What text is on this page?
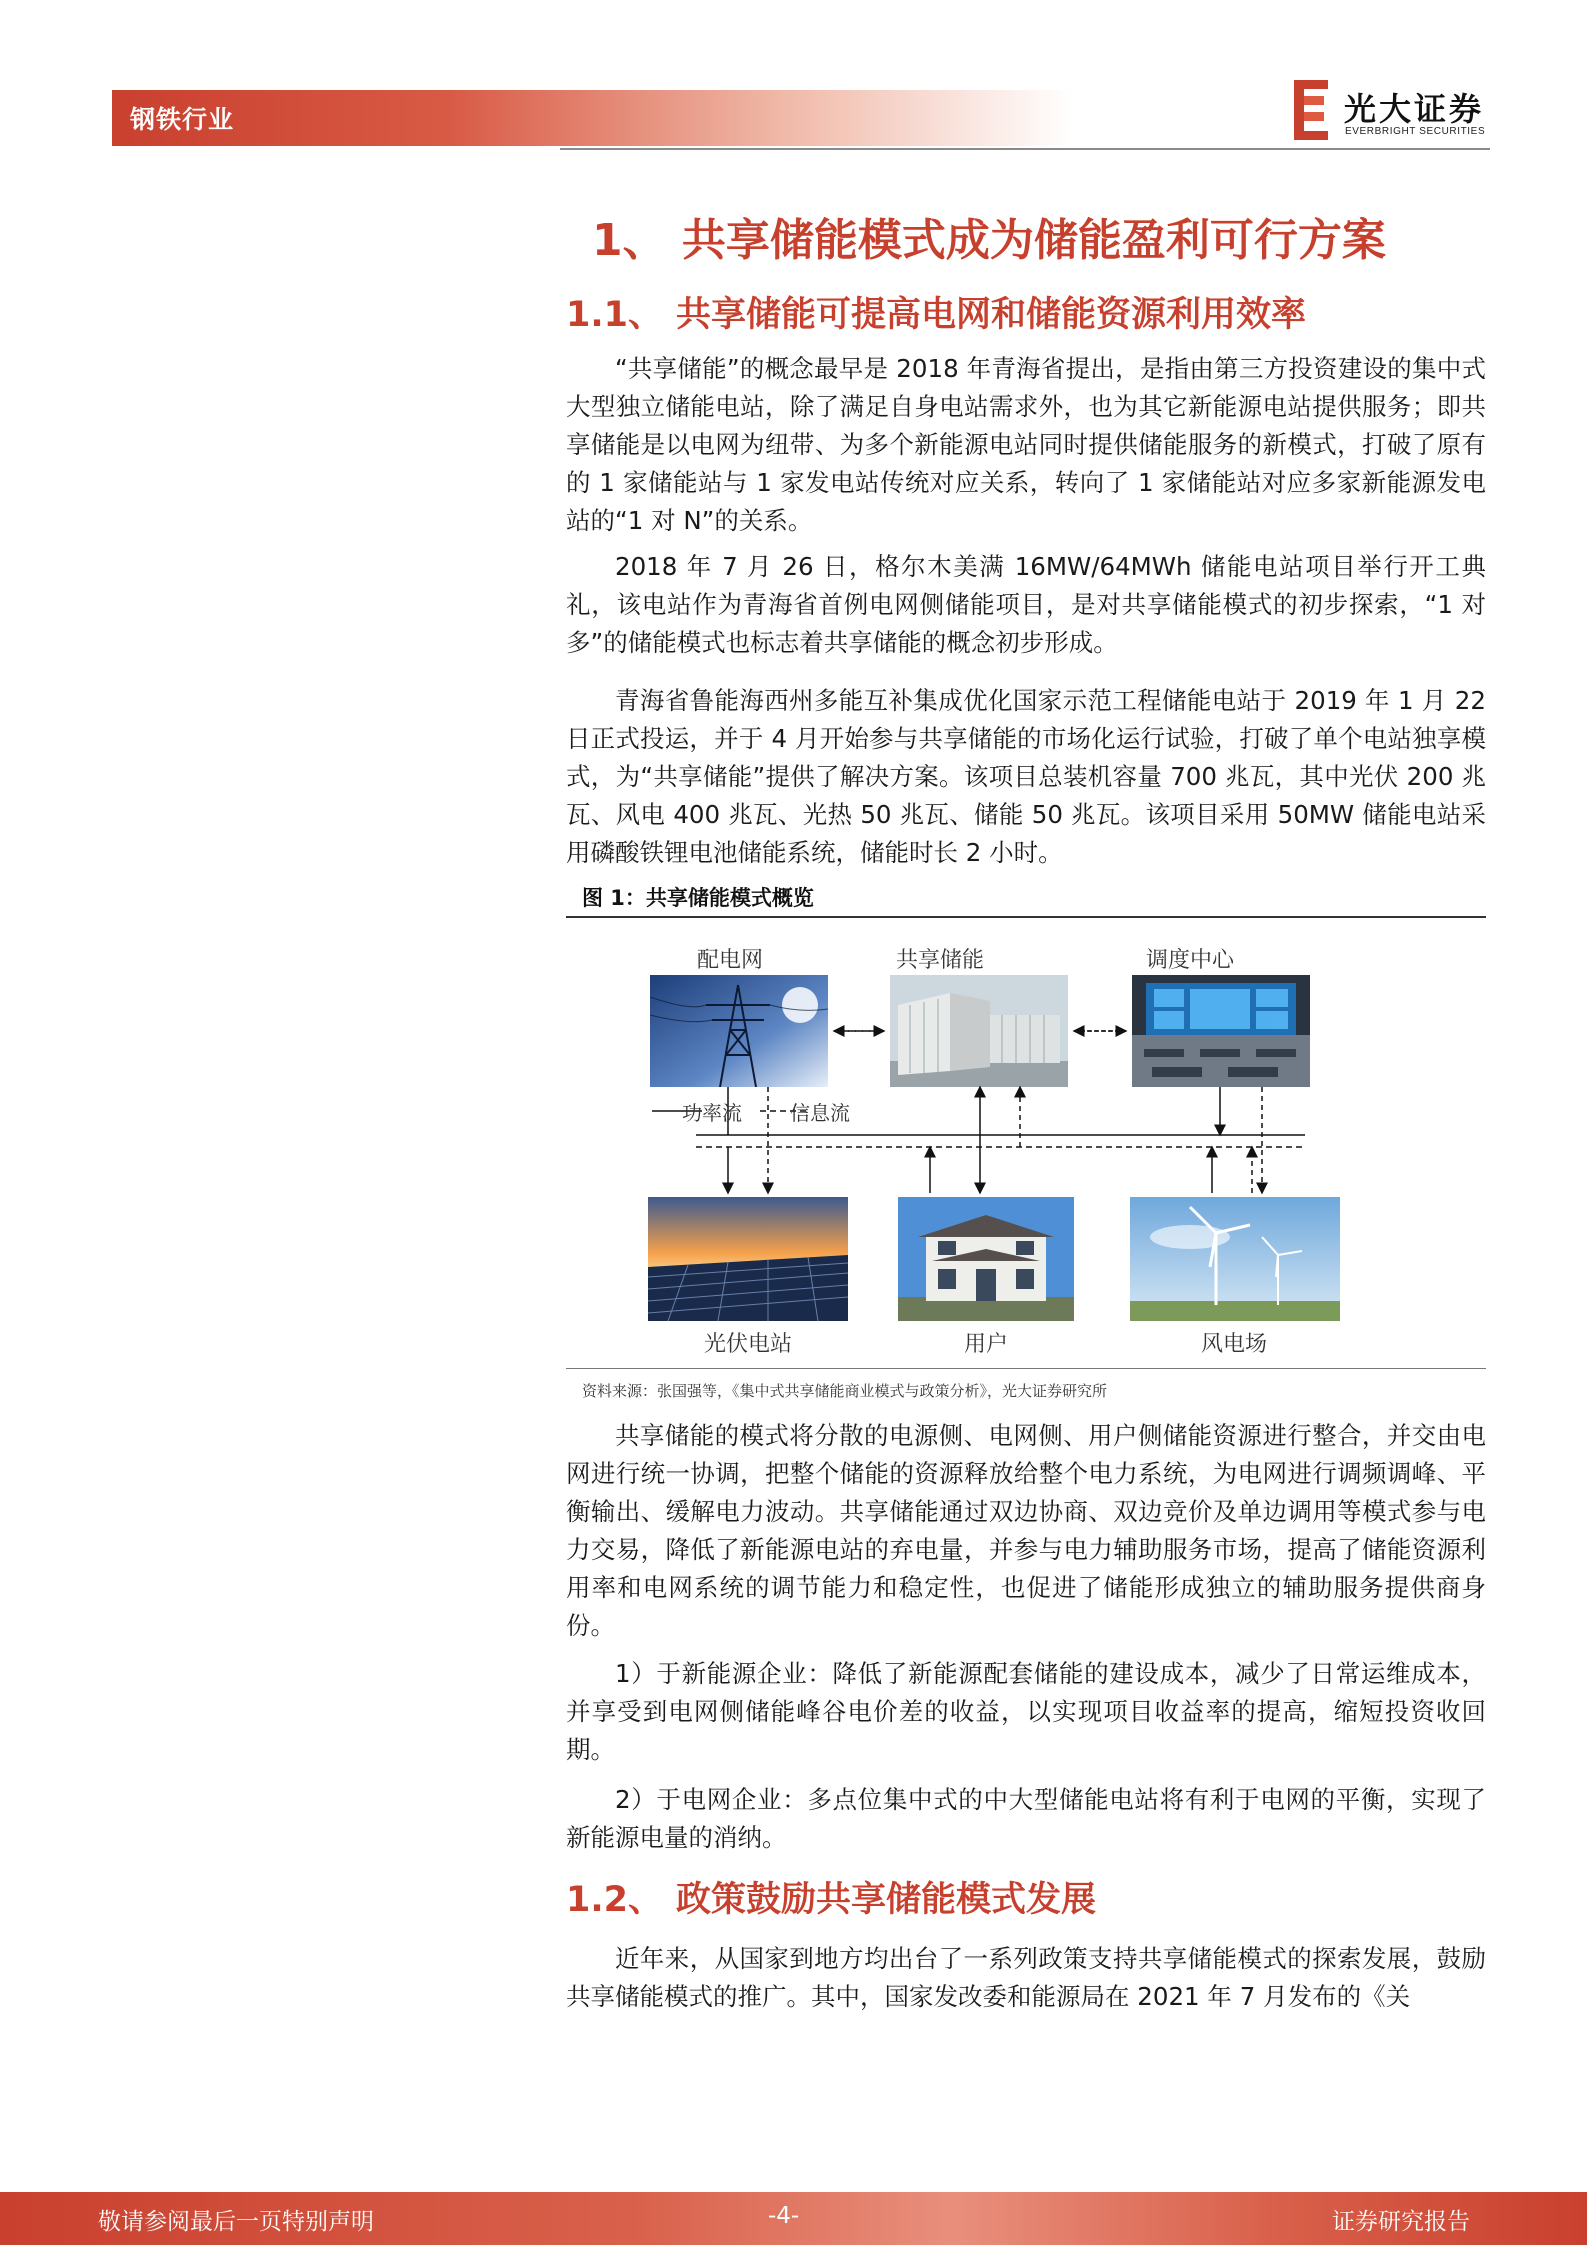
钢铁行业	光大证券
EVERBRIGHT SECURITIES
1、 共享储能模式成为储能盈利可行方案
1.1、 共享储能可提高电网和储能资源利用效率

“共享储能”的概念最早是 2018 年青海省提出，是指由第三方投资建设的集中式大型独立储能电站，除了满足自身电站需求外，也为其它新能源电站提供服务；即共享储能是以电网为纽带、为多个新能源电站同时提供储能服务的新模式，打破了原有的 1 家储能站与 1 家发电站传统对应关系，转向了 1 家储能站对应多家新能源发电站的“1 对 N”的关系。

2018 年 7 月 26 日，格尔木美满 16MW/64MWh 储能电站项目举行开工典礼，该电站作为青海省首例电网侧储能项目，是对共享储能模式的初步探索，“1 对多”的储能模式也标志着共享储能的概念初步形成。

青海省鲁能海西州多能互补集成优化国家示范工程储能电站于 2019 年 1 月 22 日正式投运，并于 4 月开始参与共享储能的市场化运行试验，打破了单个电站独享模式，为“共享储能”提供了解决方案。该项目总装机容量 700 兆瓦，其中光伏 200 兆瓦、风电 400 兆瓦、光热 50 兆瓦、储能 50 兆瓦。该项目采用 50MW 储能电站采用磷酸铁锂电池储能系统，储能时长 2 小时。

图 1：共享储能模式概览
配电网	共享储能	调度中心
功率流	信息流
光伏电站	用户	风电场
资料来源：张国强等，《集中式共享储能商业模式与政策分析》，光大证券研究所

共享储能的模式将分散的电源侧、电网侧、用户侧储能资源进行整合，并交由电网进行统一协调，把整个储能的资源释放给整个电力系统，为电网进行调频调峰、平衡输出、缓解电力波动。共享储能通过双边协商、双边竞价及单边调用等模式参与电力交易，降低了新能源电站的弃电量，并参与电力辅助服务市场，提高了储能资源利用率和电网系统的调节能力和稳定性，也促进了储能形成独立的辅助服务提供商身份。

1）于新能源企业：降低了新能源配套储能的建设成本，减少了日常运维成本，并享受到电网侧储能峰谷电价差的收益，以实现项目收益率的提高，缩短投资收回期。

2）于电网企业：多点位集中式的中大型储能电站将有利于电网的平衡，实现了新能源电量的消纳。

1.2、 政策鼓励共享储能模式发展

近年来，从国家到地方均出台了一系列政策支持共享储能模式的探索发展，鼓励共享储能模式的推广。其中，国家发改委和能源局在 2021 年 7 月发布的《关

敬请参阅最后一页特别声明	-4-	证券研究报告
